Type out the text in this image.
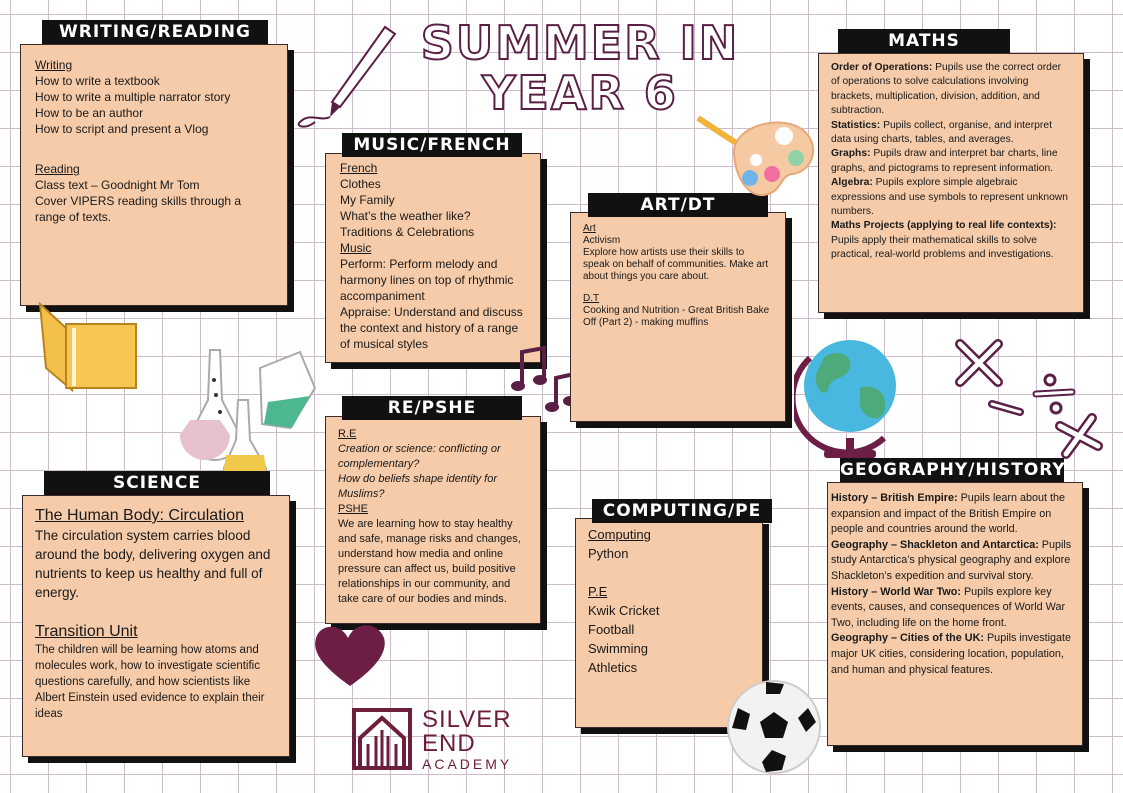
SUMMER IN
YEAR 6
Writing
How to write a textbook
How to write a multiple narrator story
How to be an author
How to script and present a Vlog

Reading
Class text – Goodnight Mr Tom
Cover VIPERS reading skills through a
range of texts.
WRITING/READING
French
Clothes
My Family
What’s the weather like?
Traditions & Celebrations
Music
Perform: Perform melody and harmony lines on top of rhythmic accompaniment
Appraise: Understand and discuss the context and history of a range of musical styles
MUSIC/FRENCH
R.E
Creation or science: conflicting or complementary?
How do beliefs shape identity for Muslims?
PSHE
We are learning how to stay healthy and safe, manage risks and changes, understand how media and online pressure can affect us, build positive relationships in our community, and take care of our bodies and minds.
RE/PSHE
Art
Activism
Explore how artists use their skills to speak on behalf of communities. Make art about things you care about.
D.T
Cooking and Nutrition - Great British Bake Off (Part 2) - making muffins
ART/DT
Order of Operations: Pupils use the correct order of operations to solve calculations involving brackets, multiplication, division, addition, and subtraction.
Statistics: Pupils collect, organise, and interpret data using charts, tables, and averages.
Graphs: Pupils draw and interpret bar charts, line graphs, and pictograms to represent information.
Algebra: Pupils explore simple algebraic expressions and use symbols to represent unknown numbers.
Maths Projects (applying to real life contexts): Pupils apply their mathematical skills to solve practical, real-world problems and investigations.
MATHS
The Human Body: Circulation
The circulation system carries blood around the body, delivering oxygen and nutrients to keep us healthy and full of energy.
Transition Unit
The children will be learning how atoms and molecules work, how to investigate scientific questions carefully, and how scientists like Albert Einstein used evidence to explain their ideas
SCIENCE
Computing
Python
P.E
Kwik Cricket
Football
Swimming
Athletics
COMPUTING/PE
History – British Empire: Pupils learn about the expansion and impact of the British Empire on people and countries around the world.
Geography – Shackleton and Antarctica: Pupils study Antarctica’s physical geography and explore Shackleton’s expedition and survival story.
History – World War Two: Pupils explore key events, causes, and consequences of World War Two, including life on the home front.
Geography – Cities of the UK: Pupils investigate major UK cities, considering location, population, and human and physical features.
GEOGRAPHY/HISTORY
SILVER
END
ACADEMY
